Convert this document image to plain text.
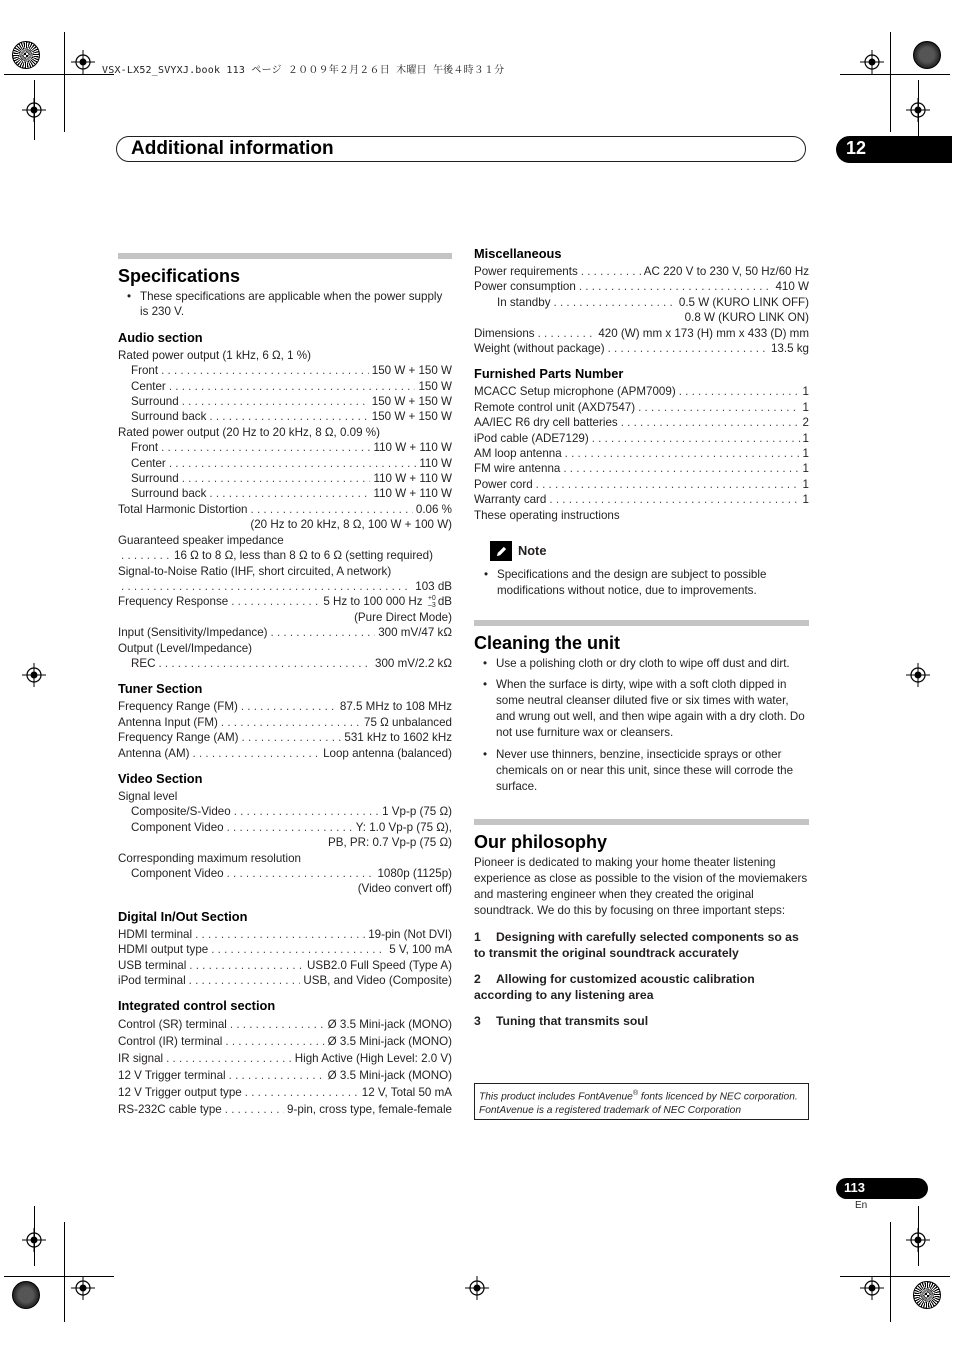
VSX-LX52_SVYXJ.book 113 ページ ２００９年２月２６日 木曜日 午後４時３１分
Additional information	12
Specifications
• These specifications are applicable when the power supply is 230 V.
Audio section
Rated power output (1 kHz, 6 Ω, 1 %)
Front . . .	150 W + 150 W
Center . . .	150 W
Surround . . .	150 W + 150 W
Surround back . . .	150 W + 150 W
Rated power output (20 Hz to 20 kHz, 8 Ω, 0.09 %)
Front . . .	110 W + 110 W
Center . . .	110 W
Surround . . .	110 W + 110 W
Surround back . . .	110 W + 110 W
Total Harmonic Distortion . . .	0.06 %
(20 Hz to 20 kHz, 8 Ω, 100 W + 100 W)
Guaranteed speaker impedance
. . .
16 Ω to 8 Ω, less than 8 Ω to 6 Ω (setting required)
Signal-to-Noise Ratio (IHF, short circuited, A network)
. . .
103 dB
Frequency Response . . .	5 Hz to 100 000 Hz +0
–3 dB
(Pure Direct Mode)
Input (Sensitivity/Impedance) . . .	300 mV/47 kΩ
Output (Level/Impedance)
REC . . .	300 mV/2.2 kΩ
Tuner Section
Frequency Range (FM) . . .	87.5 MHz to 108 MHz
Antenna Input (FM) . . .	75 Ω unbalanced
Frequency Range (AM) . . .	531 kHz to 1602 kHz
Antenna (AM) . . .	Loop antenna (balanced)
Video Section
Signal level
Composite/S-Video . . .	1 Vp-p (75 Ω)
Component Video . . .	Y: 1.0 Vp-p (75 Ω),
PB, PR: 0.7 Vp-p (75 Ω)
Corresponding maximum resolution
Component Video . . .	1080p (1125p)
(Video convert off)
Digital In/Out Section
HDMI terminal . . .	19-pin (Not DVI)
HDMI output type . . .	5 V, 100 mA
USB terminal . . .	USB2.0 Full Speed (Type A)
iPod terminal . . .	USB, and Video (Composite)
Integrated control section
Control (SR) terminal . . .	Ø 3.5 Mini-jack (MONO)
Control (IR) terminal . . .	Ø 3.5 Mini-jack (MONO)
IR signal . . .	High Active (High Level: 2.0 V)
12 V Trigger terminal . . .	Ø 3.5 Mini-jack (MONO)
12 V Trigger output type . . .	12 V, Total 50 mA
RS-232C cable type . . .	9-pin, cross type, female-female
Miscellaneous
Power requirements . . .	AC 220 V to 230 V, 50 Hz/60 Hz
Power consumption . . .	410 W
In standby . . .	0.5 W (KURO LINK OFF)
0.8 W (KURO LINK ON)
Dimensions . . .	420 (W) mm x 173 (H) mm x 433 (D) mm
Weight (without package) . . .	13.5 kg
Furnished Parts Number
MCACC Setup microphone (APM7009) . . .	1
Remote control unit (AXD7547) . . .	1
AA/IEC R6 dry cell batteries . . .	2
iPod cable (ADE7129) . . .	1
AM loop antenna . . .	1
FM wire antenna . . .	1
Power cord . . .	1
Warranty card . . .	1
These operating instructions
Note
• Specifications and the design are subject to possible modifications without notice, due to improvements.
Cleaning the unit
• Use a polishing cloth or dry cloth to wipe off dust and dirt.
• When the surface is dirty, wipe with a soft cloth dipped in some neutral cleanser diluted five or six times with water, and wrung out well, and then wipe again with a dry cloth. Do not use furniture wax or cleansers.
• Never use thinners, benzine, insecticide sprays or other chemicals on or near this unit, since these will corrode the surface.
Our philosophy
Pioneer is dedicated to making your home theater listening experience as close as possible to the vision of the moviemakers and mastering engineer when they created the original soundtrack. We do this by focusing on three important steps:
1 Designing with carefully selected components so as to transmit the original soundtrack accurately
2 Allowing for customized acoustic calibration according to any listening area
3 Tuning that transmits soul
This product includes FontAvenue® fonts licenced by NEC corporation.
FontAvenue is a registered trademark of NEC Corporation
113
En
